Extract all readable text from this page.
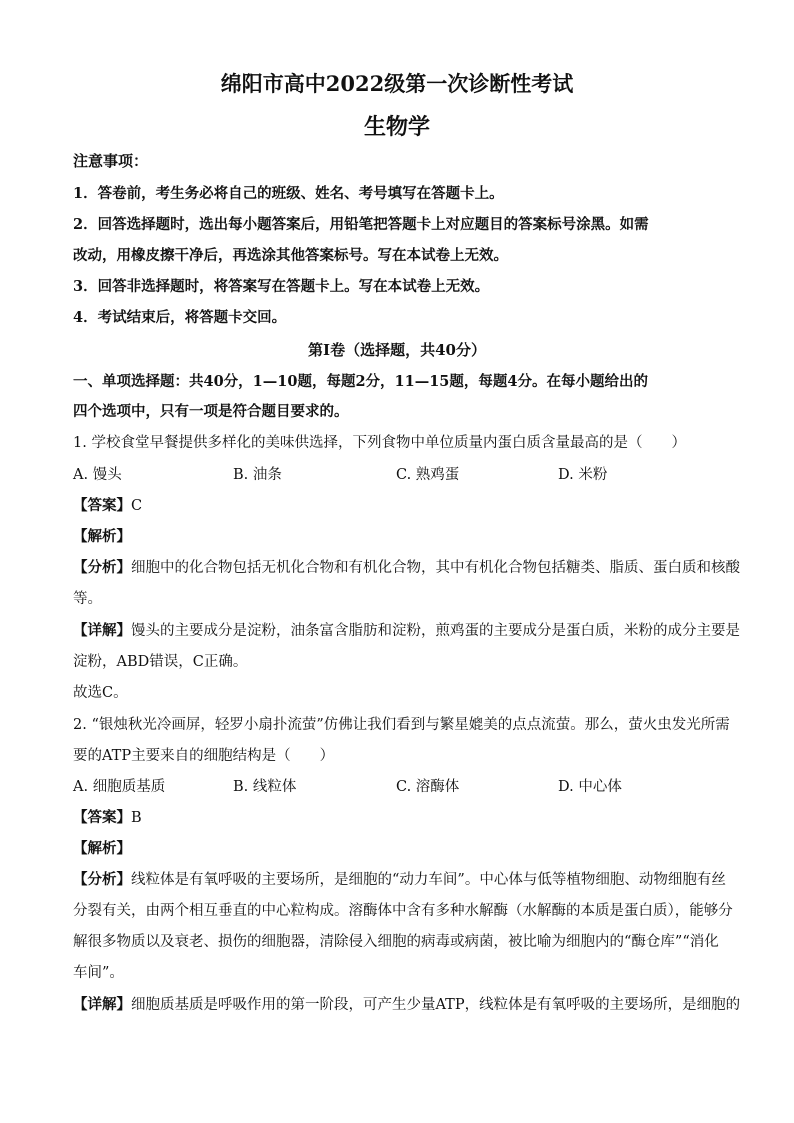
绵阳市高中2022级第一次诊断性考试
生物学
注意事项：
1．答卷前，考生务必将自己的班级、姓名、考号填写在答题卡上。
2．回答选择题时，选出每小题答案后，用铅笔把答题卡上对应题目的答案标号涂黑。如需
改动，用橡皮擦干净后，再选涂其他答案标号。写在本试卷上无效。
3．回答非选择题时，将答案写在答题卡上。写在本试卷上无效。
4．考试结束后，将答题卡交回。
第Ⅰ卷（选择题，共40分）
一、单项选择题：共40分，1—10题，每题2分，11—15题，每题4分。在每小题给出的
四个选项中，只有一项是符合题目要求的。
1. 学校食堂早餐提供多样化的美味供选择，下列食物中单位质量内蛋白质含量最高的是（　　）
A. 馒头	B. 油条	C. 熟鸡蛋	D. 米粉
【答案】C
【解析】
【分析】细胞中的化合物包括无机化合物和有机化合物，其中有机化合物包括糖类、脂质、蛋白质和核酸
等。
【详解】馒头的主要成分是淀粉，油条富含脂肪和淀粉，煎鸡蛋的主要成分是蛋白质，米粉的成分主要是
淀粉，ABD错误，C正确。
故选C。
2. “银烛秋光冷画屏，轻罗小扇扑流萤”仿佛让我们看到与繁星媲美的点点流萤。那么，萤火虫发光所需
要的ATP主要来自的细胞结构是（　　）
A. 细胞质基质	B. 线粒体	C. 溶酶体	D. 中心体
【答案】B
【解析】
【分析】线粒体是有氧呼吸的主要场所，是细胞的“动力车间”。中心体与低等植物细胞、动物细胞有丝
分裂有关，由两个相互垂直的中心粒构成。溶酶体中含有多种水解酶（水解酶的本质是蛋白质），能够分
解很多物质以及衰老、损伤的细胞器，清除侵入细胞的病毒或病菌，被比喻为细胞内的“酶仓库”“消化
车间”。
【详解】细胞质基质是呼吸作用的第一阶段，可产生少量ATP，线粒体是有氧呼吸的主要场所，是细胞的
